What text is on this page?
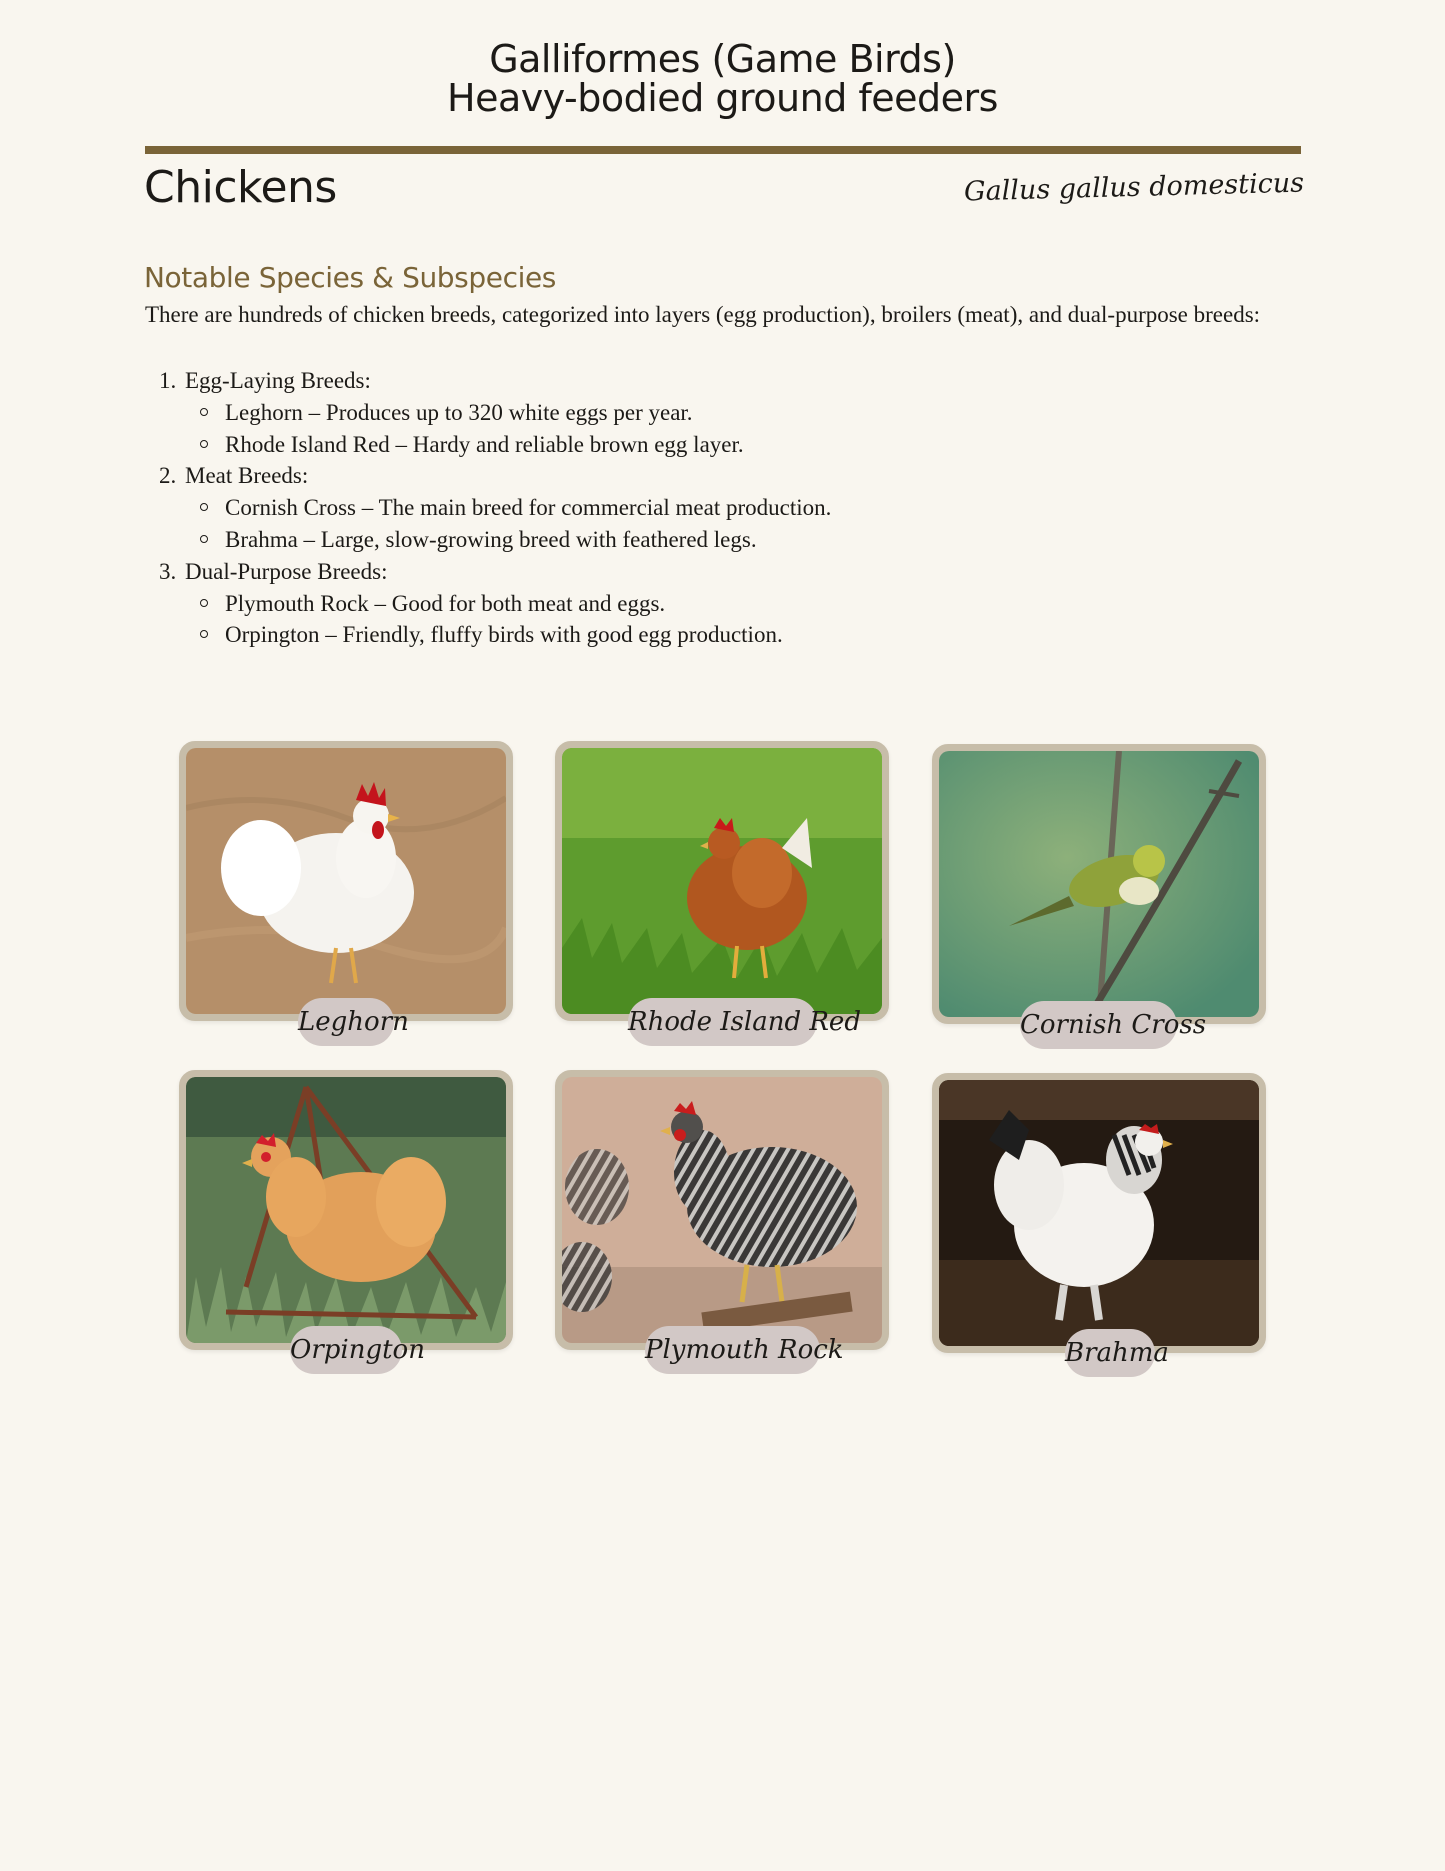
Galliformes (Game Birds)
Heavy-bodied ground feeders
Chickens	Gallus gallus domesticus
Notable Species & Subspecies
There are hundreds of chicken breeds, categorized into layers (egg production), broilers (meat), and dual-purpose breeds:
1. Egg-Laying Breeds:
Leghorn – Produces up to 320 white eggs per year.
Rhode Island Red – Hardy and reliable brown egg layer.
2. Meat Breeds:
Cornish Cross – The main breed for commercial meat production.
Brahma – Large, slow-growing breed with feathered legs.
3. Dual-Purpose Breeds:
Plymouth Rock – Good for both meat and eggs.
Orpington – Friendly, fluffy birds with good egg production.
Leghorn	Rhode Island Red	Cornish Cross
Orpington	Plymouth Rock	Brahma
